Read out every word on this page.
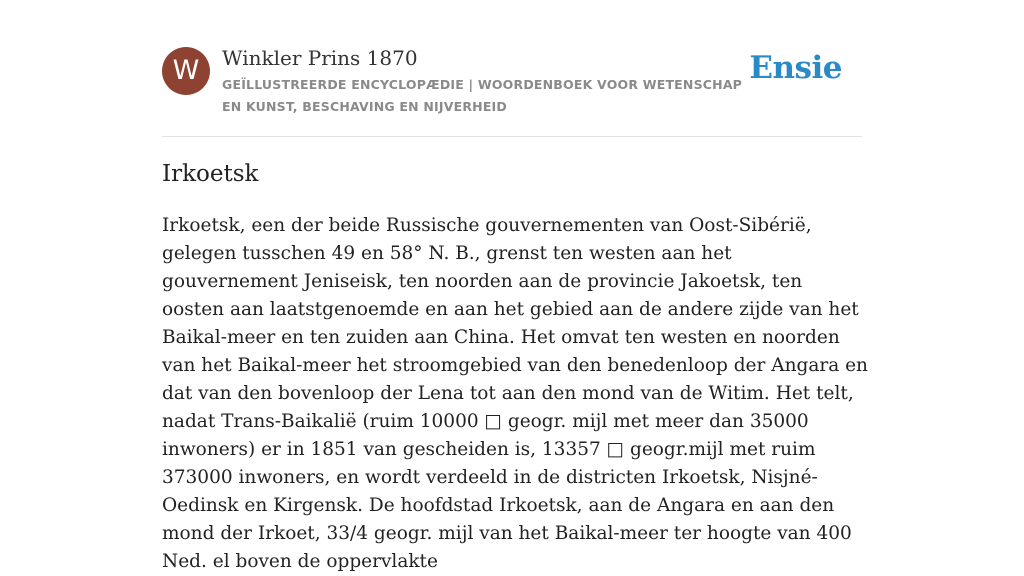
W	Winkler Prins 1870
GEÏLLUSTREERDE ENCYCLOPÆDIE | WOORDENBOEK VOOR WETENSCHAP EN KUNST, BESCHAVING EN NIJVERHEID
Ensie
Irkoetsk

Irkoetsk, een der beide Russische gouvernementen van Oost-Sibérië, gelegen tusschen 49 en 58° N. B., grenst ten westen aan het gouvernement Jeniseisk, ten noorden aan de provincie Jakoetsk, ten oosten aan laatstgenoemde en aan het gebied aan de andere zijde van het Baikal-meer en ten zuiden aan China. Het omvat ten westen en noorden van het Baikal-meer het stroomgebied van den benedenloop der Angara en dat van den bovenloop der Lena tot aan den mond van de Witim. Het telt, nadat Trans-Baikalië (ruim 10000 □ geogr. mijl met meer dan 35000 inwoners) er in 1851 van gescheiden is, 13357 □ geogr.mijl met ruim 373000 inwoners, en wordt verdeeld in de districten Irkoetsk, Nisjné-Oedinsk en Kirgensk. De hoofdstad Irkoetsk, aan de Angara en aan den mond der Irkoet, 33/4 geogr. mijl van het Baikal-meer ter hoogte van 400 Ned. el boven de oppervlakte
